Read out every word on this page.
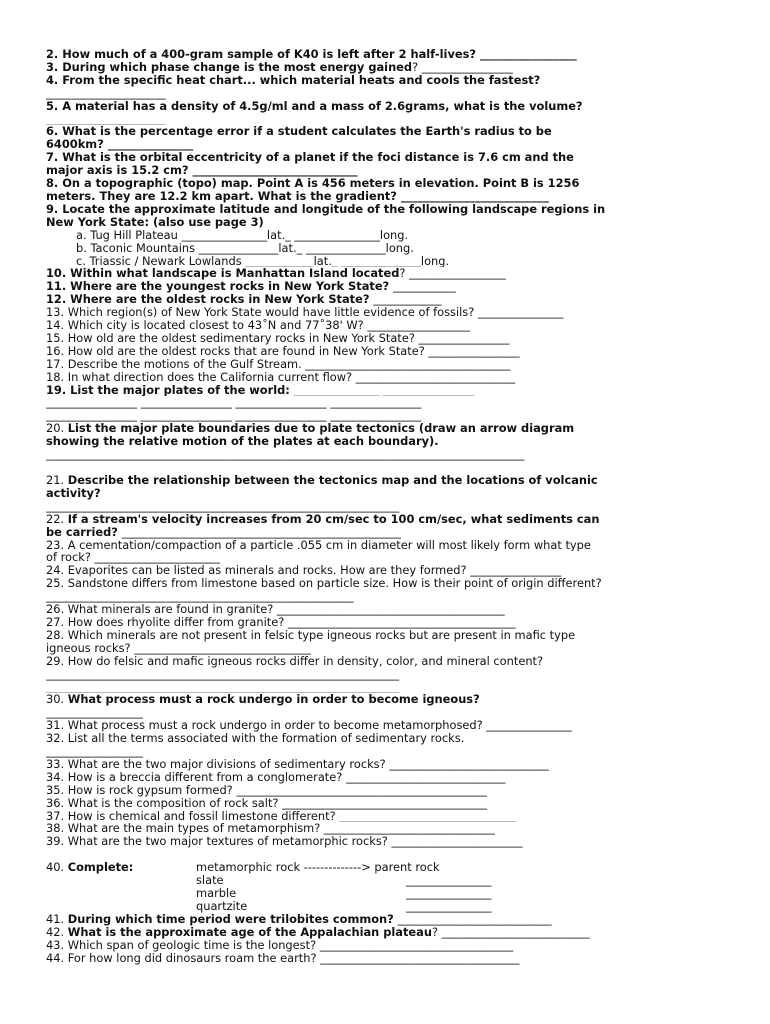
2. How much of a 400-gram sample of K40 is left after 2 half-lives? _________________
3. During which phase change is the most energy gained? ________________
4. From the specific heat chart... which material heats and cools the fastest?
_____________________
5. A material has a density of 4.5g/ml and a mass of 2.6grams, what is the volume?
_____________________
6. What is the percentage error if a student calculates the Earth's radius to be
6400km? _______________
7. What is the orbital eccentricity of a planet if the foci distance is 7.6 cm and the
major axis is 15.2 cm? _____________________________
8. On a topographic (topo) map. Point A is 456 meters in elevation. Point B is 1256
meters. They are 12.2 km apart. What is the gradient? __________________________
9. Locate the approximate latitude and longitude of the following landscape regions in
New York State: (also use page 3)
a. Tug Hill Plateau _______________lat._ _______________long.
b. Taconic Mountains ______________lat._ ______________long.
c. Triassic / Newark Lowlands ____________lat._ ______________long.
10. Within what landscape is Manhattan Island located? _________________
11. Where are the youngest rocks in New York State? ___________
12. Where are the oldest rocks in New York State? ____________
13. Which region(s) of New York State would have little evidence of fossils? _______________
14. Which city is located closest to 43˚N and 77˚38' W? __________________
15. How old are the oldest sedimentary rocks in New York State? ________________
16. How old are the oldest rocks that are found in New York State? ________________
17. Describe the motions of the Gulf Stream. ____________________________________
18. In what direction does the California current flow? ____________________________
19. List the major plates of the world: _______________ ________________
________________ ________________ ________________ ________________
________________ ________________ ________________ ________________
20. List the major plate boundaries due to plate tectonics (draw an arrow diagram
showing the relative motion of the plates at each boundary).
____________________________________________________________________________________
21. Describe the relationship between the tectonics map and the locations of volcanic
activity?
______________________________________________________________
22. If a stream's velocity increases from 20 cm/sec to 100 cm/sec, what sediments can
be carried? _________________________________________________
23. A cementation/compaction of a particle .055 cm in diameter will most likely form what type
of rock? ______________________
24. Evaporites can be listed as minerals and rocks. How are they formed? ________________
25. Sandstone differs from limestone based on particle size. How is their point of origin different?
______________________________________________________
26. What minerals are found in granite? ________________________________________
27. How does rhyolite differ from granite? ________________________________________
28. Which minerals are not present in felsic type igneous rocks but are present in mafic type
igneous rocks? _______________________________
29. How do felsic and mafic igneous rocks differ in density, color, and mineral content?
______________________________________________________________
______________________________________________________________
30. What process must a rock undergo in order to become igneous?
_________________
31. What process must a rock undergo in order to become metamorphosed? _______________
32. List all the terms associated with the formation of sedimentary rocks.
_________________
33. What are the two major divisions of sedimentary rocks? ____________________________
34. How is a breccia different from a conglomerate? ____________________________
35. How is rock gypsum formed? ____________________________________________
36. What is the composition of rock salt? ____________________________________
37. How is chemical and fossil limestone different? _______________________________
38. What are the main types of metamorphism? ______________________________
39. What are the two major textures of metamorphic rocks? _______________________
40. Complete:	metamorphic rock --------------> parent rock
slate	_______________
marble	_______________
quartzite	_______________
41. During which time period were trilobites common? ___________________________
42. What is the approximate age of the Appalachian plateau? __________________________
43. Which span of geologic time is the longest? __________________________________
44. For how long did dinosaurs roam the earth? ___________________________________
